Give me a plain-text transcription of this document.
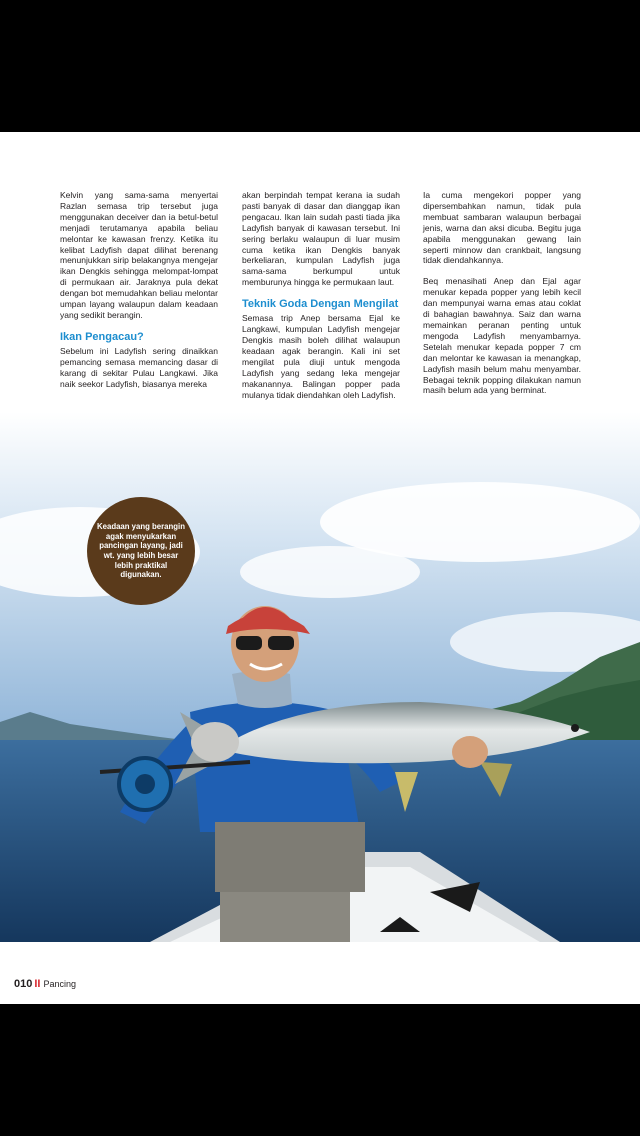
Kelvin yang sama-sama menyertai Razlan semasa trip tersebut juga menggunakan deceiver dan ia betul-betul menjadi terutamanya apabila beliau melontar ke kawasan frenzy. Ketika itu kelibat Ladyfish dapat dilihat berenang menunjukkan sirip belakangnya mengejar ikan Dengkis sehingga melompat-lompat di permukaan air. Jaraknya pula dekat dengan bot memudahkan beliau melontar umpan layang walaupun dalam keadaan yang sedikit berangin.

Ikan Pengacau?

Sebelum ini Ladyfish sering dinaikkan pemancing semasa memancing dasar di karang di sekitar Pulau Langkawi. Jika naik seekor Ladyfish, biasanya mereka

akan berpindah tempat kerana ia sudah pasti banyak di dasar dan dianggap ikan pengacau. Ikan lain sudah pasti tiada jika Ladyfish banyak di kawasan tersebut. Ini sering berlaku walaupun di luar musim cuma ketika ikan Dengkis banyak berkeliaran, kumpulan Ladyfish juga sama-sama berkumpul untuk memburunya hingga ke permukaan laut.

Teknik Goda Dengan Mengilat

Semasa trip Anep bersama Ejal ke Langkawi, kumpulan Ladyfish mengejar Dengkis masih boleh dilihat walaupun keadaan agak berangin. Kali ini set mengilat pula diuji untuk mengoda Ladyfish yang sedang leka mengejar makanannya. Balingan popper pada mulanya tidak diendahkan oleh Ladyfish.

Ia cuma mengekori popper yang dipersembahkan namun, tidak pula membuat sambaran walaupun berbagai jenis, warna dan aksi dicuba. Begitu juga apabila menggunakan gewang lain seperti minnow dan crankbait, langsung tidak diendahkannya.

Beq menasihati Anep dan Ejal agar menukar kepada popper yang lebih kecil dan mempunyai warna emas atau coklat di bahagian bawahnya. Saiz dan warna memainkan peranan penting untuk mengoda Ladyfish menyambarnya. Setelah menukar kepada popper 7 cm dan melontar ke kawasan ia menangkap, Ladyfish masih belum mahu menyambar. Bebagai teknik popping dilakukan namun masih belum ada yang berminat.

Keadaan yang berangin agak menyukarkan pancingan layang, jadi wt. yang lebih besar lebih praktikal digunakan.
010 II Pancing
